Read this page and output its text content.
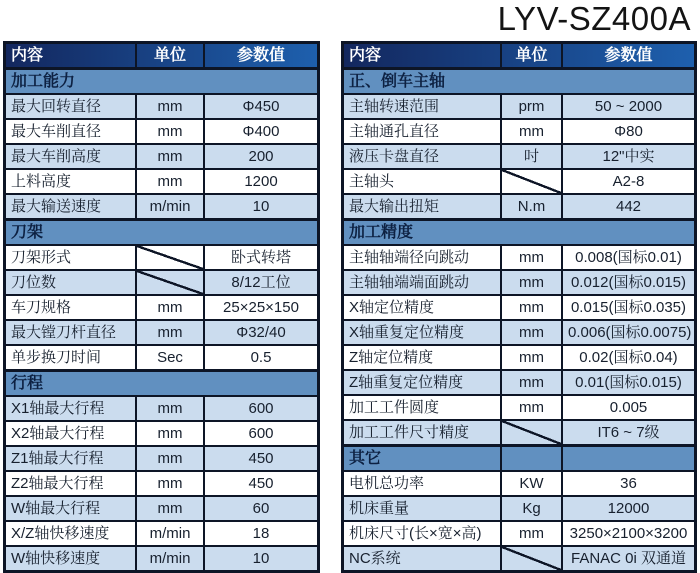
LYV-SZ400A
内容	单位	参数值
加工能力		
最大回转直径	mm	Φ450
最大车削直径	mm	Φ400
最大车削高度	mm	200
上料高度	mm	1200
最大输送速度	m/min	10
刀架		
刀架形式		卧式转塔
刀位数		8/12工位
车刀规格	mm	25×25×150
最大镗刀杆直径	mm	Φ32/40
单步换刀时间	Sec	0.5
行程		
X1轴最大行程	mm	600
X2轴最大行程	mm	600
Z1轴最大行程	mm	450
Z2轴最大行程	mm	450
W轴最大行程	mm	60
X/Z轴快移速度	m/min	18
W轴快移速度	m/min	10
内容	单位	参数值
正、倒车主轴		
主轴转速范围	prm	50 ~ 2000
主轴通孔直径	mm	Φ80
液压卡盘直径	吋	12"中实
主轴头		A2-8
最大输出扭矩	N.m	442
加工精度		
主轴轴端径向跳动	mm	0.008(国标0.01)
主轴轴端端面跳动	mm	0.012(国标0.015)
X轴定位精度	mm	0.015(国标0.035)
X轴重复定位精度	mm	0.006(国标0.0075)
Z轴定位精度	mm	0.02(国标0.04)
Z轴重复定位精度	mm	0.01(国标0.015)
加工工件圆度	mm	0.005
加工工件尺寸精度		IT6 ~ 7级
其它		
电机总功率	KW	36
机床重量	Kg	12000
机床尺寸(长×宽×高)	mm	3250×2100×3200
NC系统		FANAC 0i 双通道
